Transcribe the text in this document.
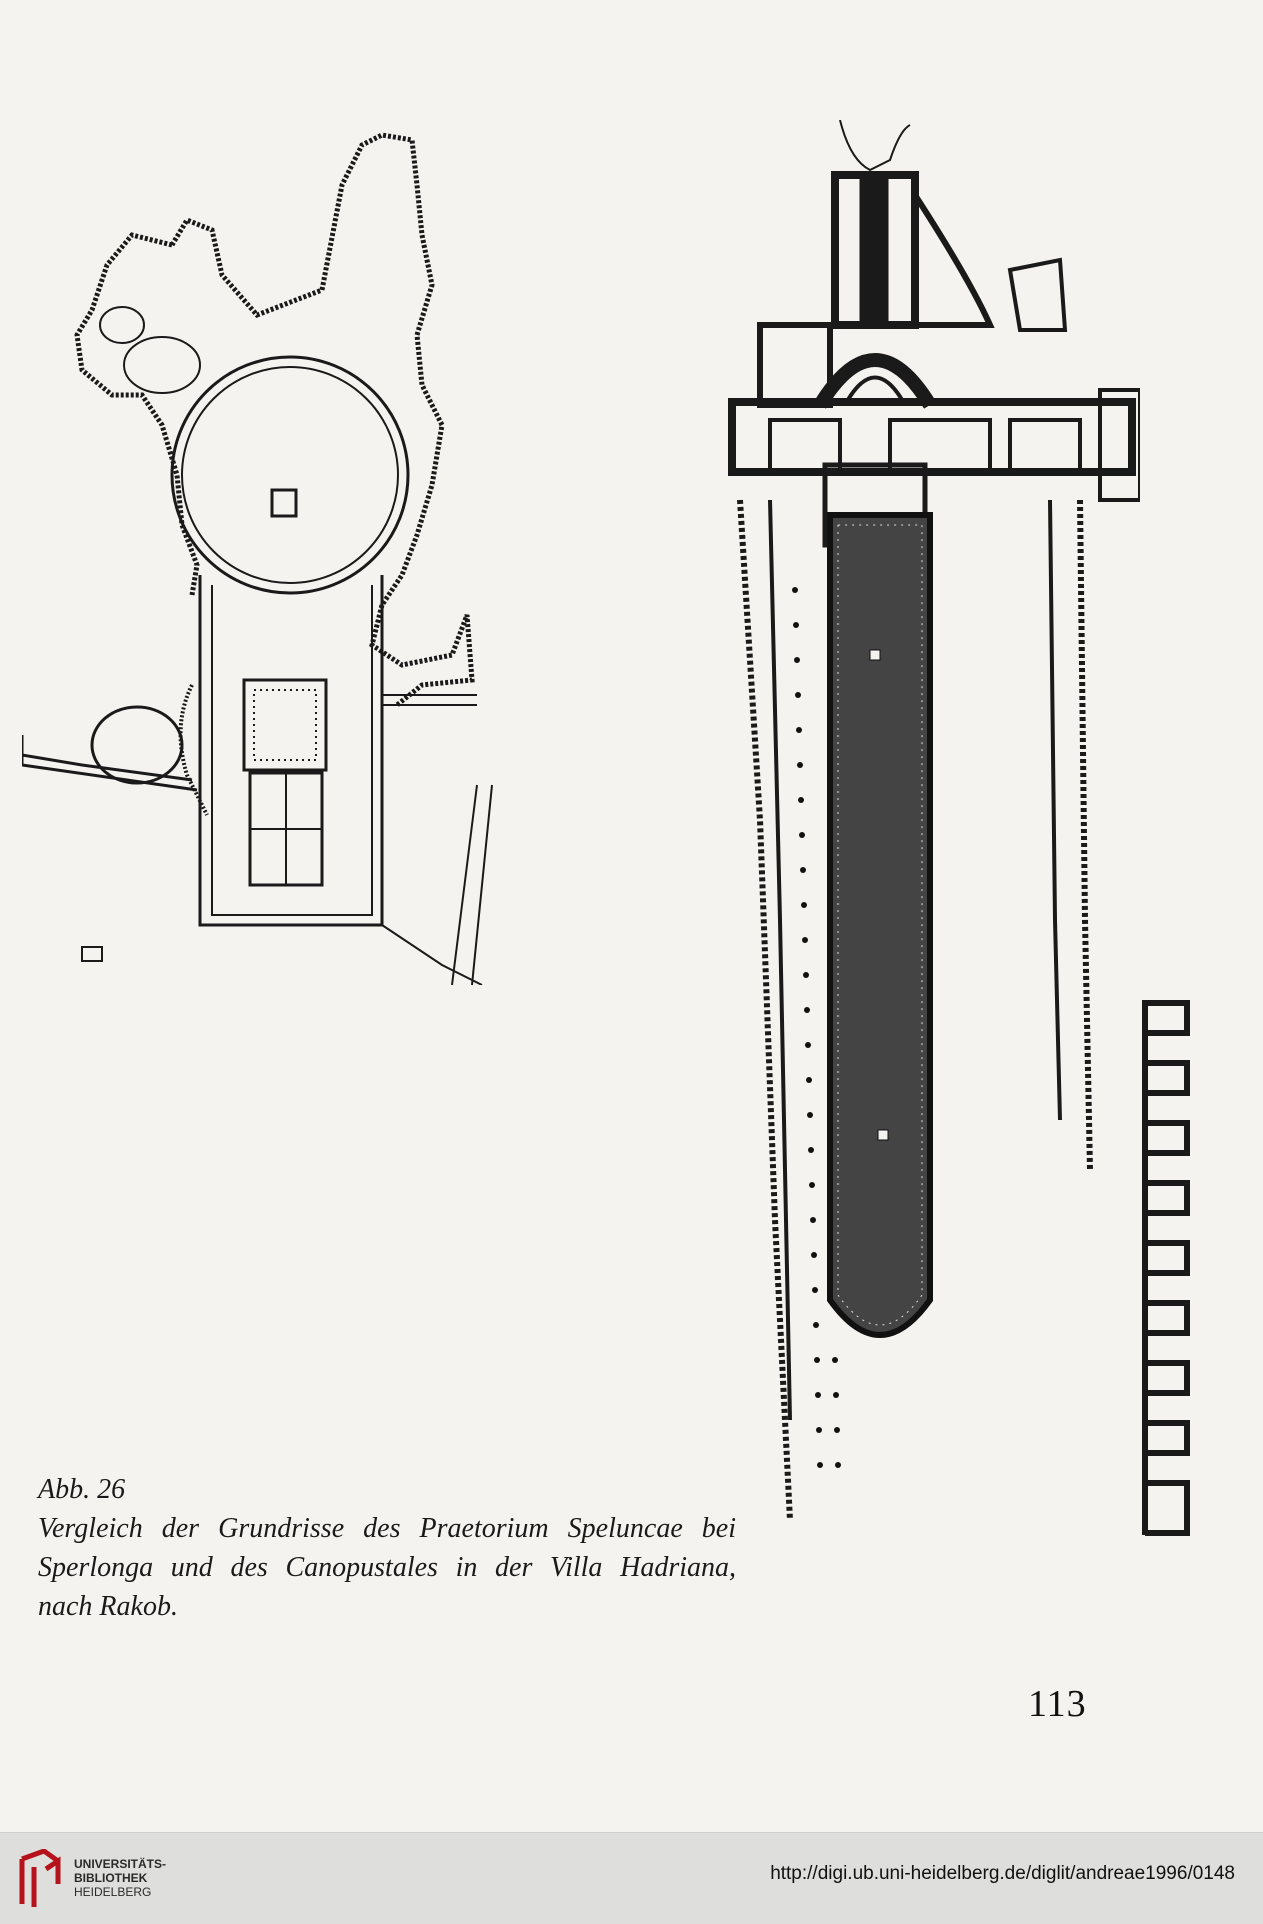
Abb. 26
Vergleich der Grundrisse des Praetorium Speluncae bei
Sperlonga und des Canopustales in der Villa Hadriana,
nach Rakob.
113
UNIVERSITÄTS-
BIBLIOTHEK
HEIDELBERG
http://digi.ub.uni-heidelberg.de/diglit/andreae1996/0148
